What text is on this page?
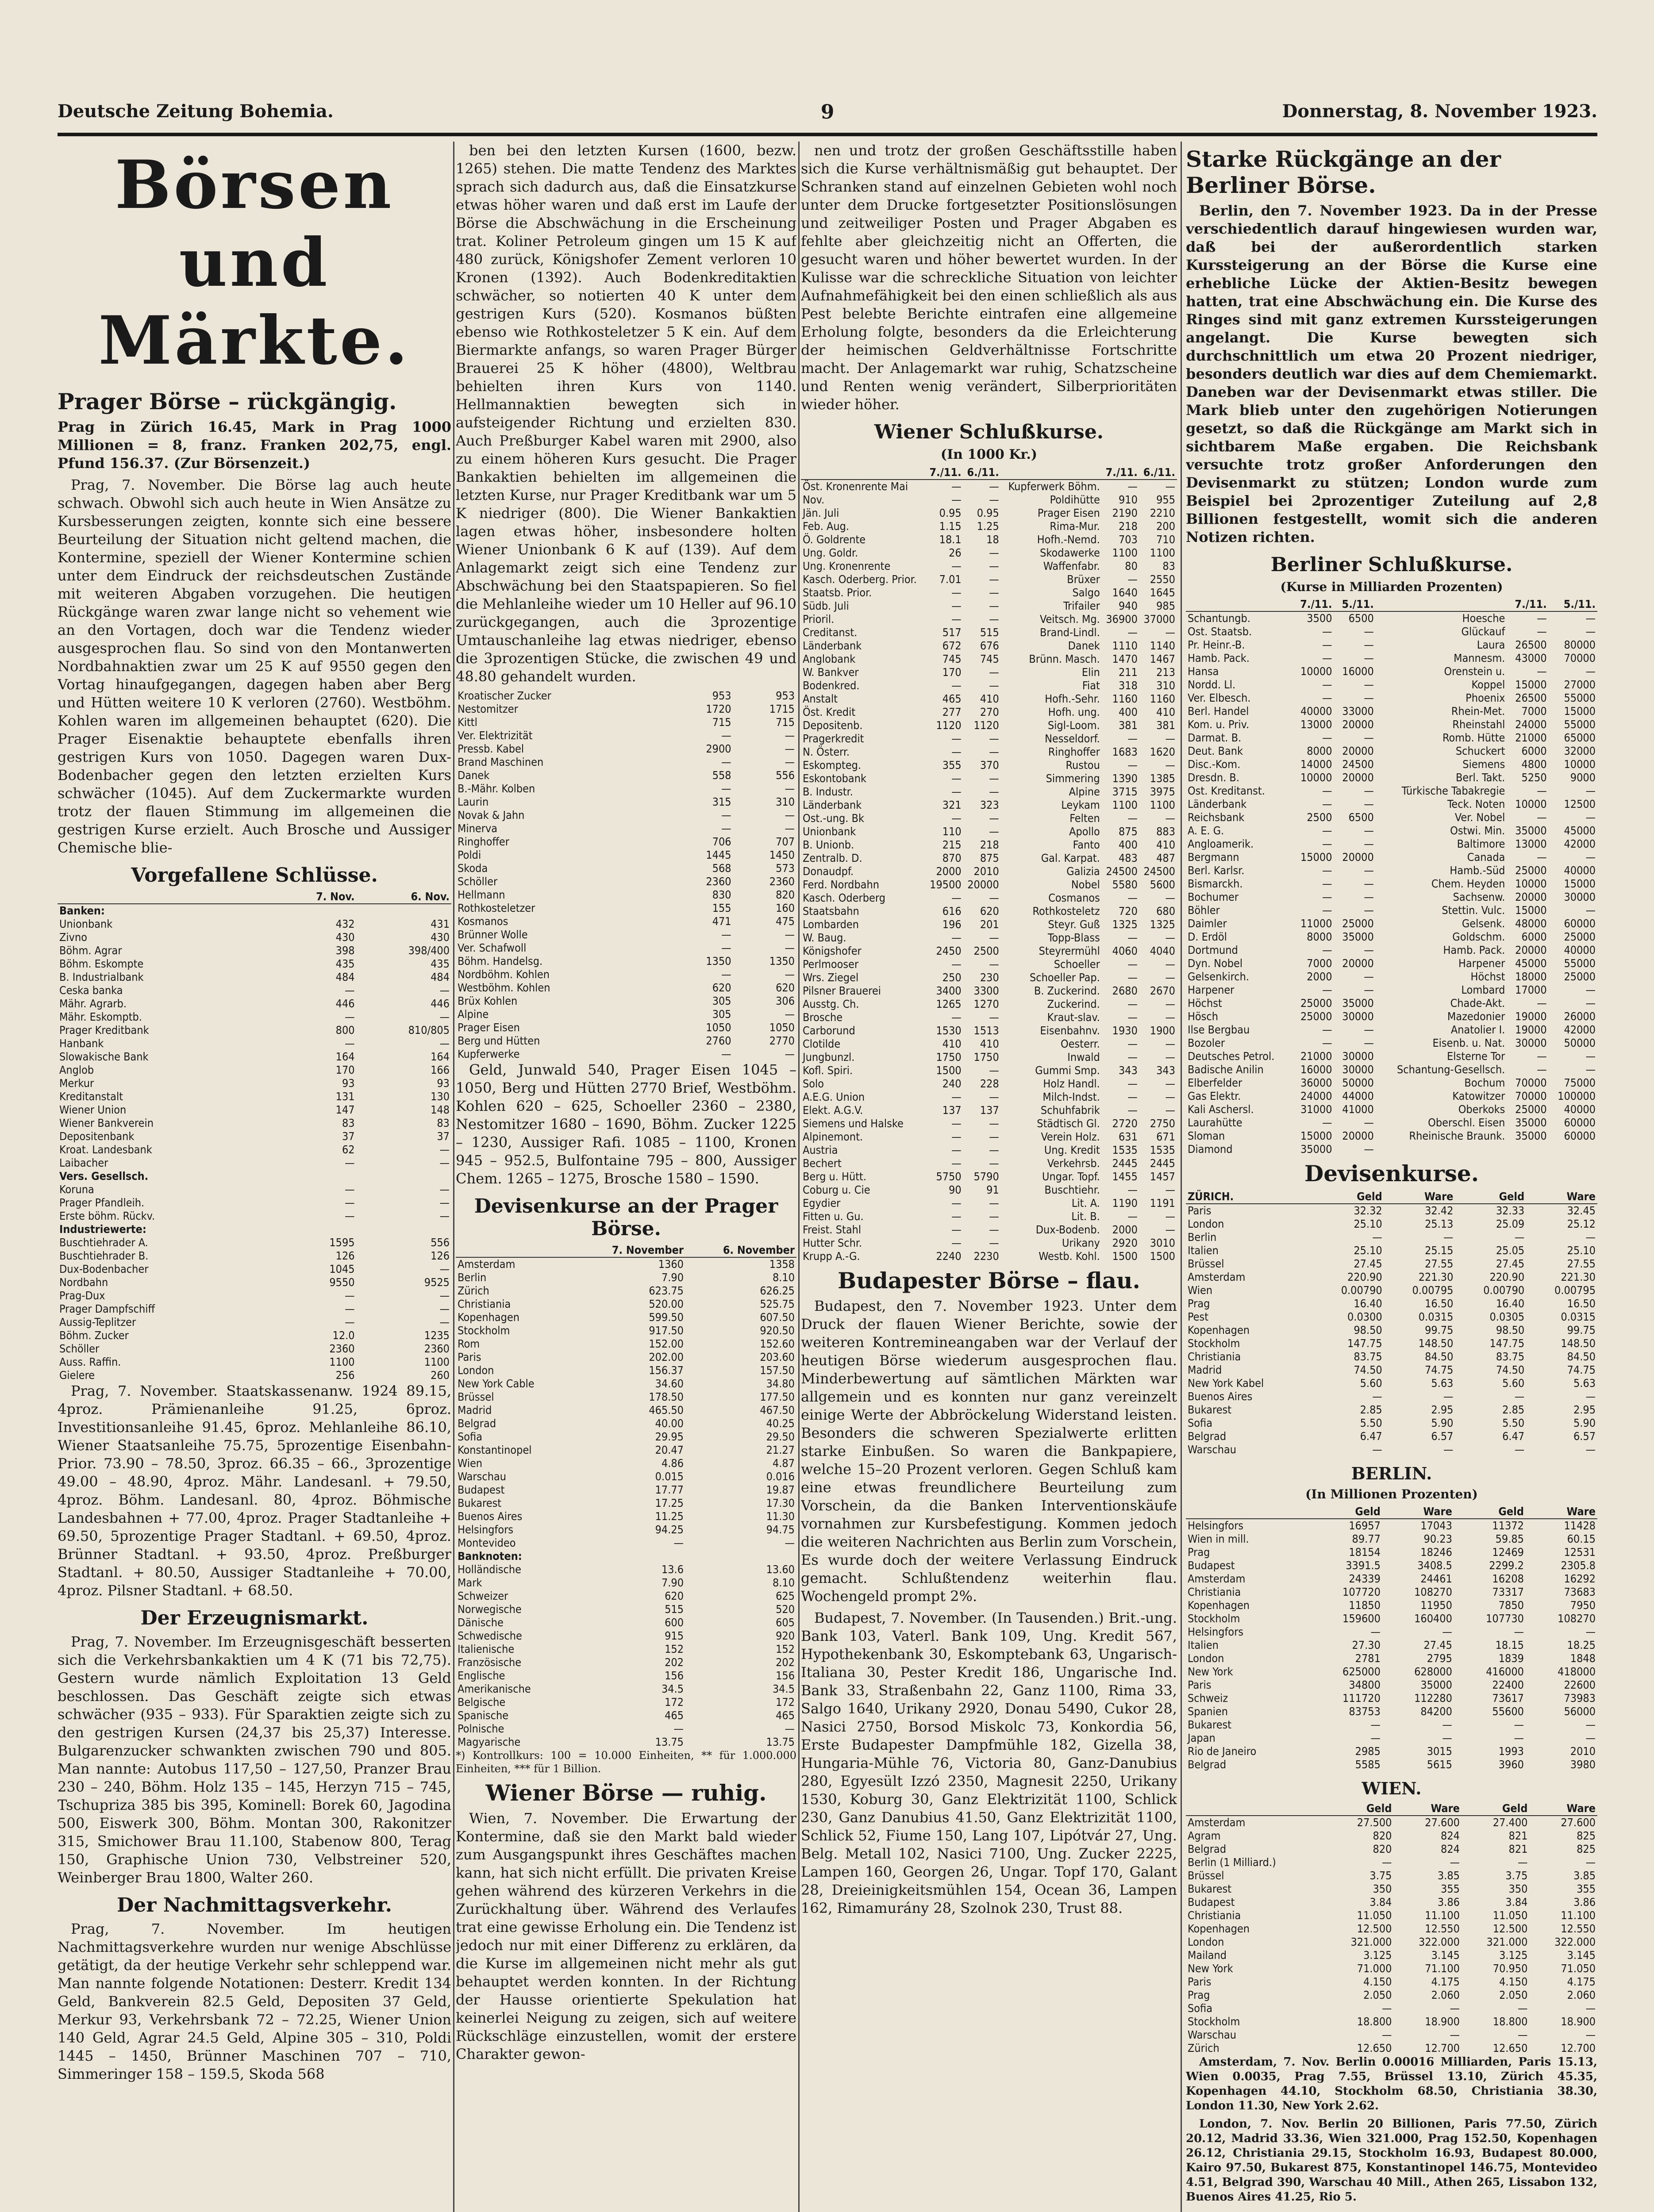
Deutsche Zeitung Bohemia.	9	Donnerstag, 8. November 1923.
Börsen und Märkte.
Prager Börse – rückgängig.

Prag in Zürich 16.45, Mark in Prag 1000 Millionen = 8, franz. Franken 202,75, engl. Pfund 156.37. (Zur Börsenzeit.)

Prag, 7. November. Die Börse lag auch heute schwach. Obwohl sich auch heute in Wien Ansätze zu Kursbesserungen zeigten, konnte sich eine bessere Beurteilung der Situation nicht geltend machen, die Kontermine, speziell der Wiener Kontermine schien unter dem Eindruck der reichsdeutschen Zustände mit weiteren Abgaben vorzugehen. Die heutigen Rückgänge waren zwar lange nicht so vehement wie an den Vortagen, doch war die Tendenz wieder ausgesprochen flau. So sind von den Montanwerten Nordbahnaktien zwar um 25 K auf 9550 gegen den Vortag hinaufgegangen, dagegen haben aber Berg und Hütten weitere 10 K verloren (2760). Westböhm. Kohlen waren im allgemeinen behauptet (620). Die Prager Eisenaktie behauptete ebenfalls ihren gestrigen Kurs von 1050. Dagegen waren Dux-Bodenbacher gegen den letzten erzielten Kurs schwächer (1045). Auf dem Zuckermarkte wurden trotz der flauen Stimmung im allgemeinen die gestrigen Kurse erzielt. Auch Brosche und Aussiger Chemische blie-

Vorgefallene Schlüsse.
	7. Nov.	6. Nov.
Banken:		
Unionbank	432	431
Zivno	430	430
Böhm. Agrar	398	398/400
Böhm. Eskompte	435	435
B. Industrialbank	484	484
Ceska banka	—	—
Mähr. Agrarb.	446	446
Mähr. Eskomptb.	—	—
Prager Kreditbank	800	810/805
Hanbank	—	—
Slowakische Bank	164	164
Anglob	170	166
Merkur	93	93
Kreditanstalt	131	130
Wiener Union	147	148
Wiener Bankverein	83	83
Depositenbank	37	37
Kroat. Landesbank	62	—
Laibacher	—	—
Vers. Gesellsch.		
Koruna	—	—
Prager Pfandleih.	—	—
Erste böhm. Rückv.	—	—
Industriewerte:		
Buschtiehrader A.	1595	556
Buschtiehrader B.	126	126
Dux-Bodenbacher	1045	—
Nordbahn	9550	9525
Prag-Dux	—	—
Prager Dampfschiff	—	—
Aussig-Teplitzer	—	—
Böhm. Zucker	12.0	1235
Schöller	2360	2360
Auss. Raffin.	1100	1100
Gielere	256	260

Prag, 7. November. Staatskassenanw. 1924 89.15, 4proz. Prämienanleihe 91.25, 6proz. Investitionsanleihe 91.45, 6proz. Mehlanleihe 86.10, Wiener Staatsanleihe 75.75, 5prozentige Eisenbahn-Prior. 73.90 – 78.50, 3proz. 66.35 – 66., 3prozentige 49.00 – 48.90, 4proz. Mähr. Landesanl. + 79.50, 4proz. Böhm. Landesanl. 80, 4proz. Böhmische Landesbahnen + 77.00, 4proz. Prager Stadtanleihe + 69.50, 5prozentige Prager Stadtanl. + 69.50, 4proz. Brünner Stadtanl. + 93.50, 4proz. Preßburger Stadtanl. + 80.50, Aussiger Stadtanleihe + 70.00, 4proz. Pilsner Stadtanl. + 68.50.

Der Erzeugnismarkt.

Prag, 7. November. Im Erzeugnisgeschäft besserten sich die Verkehrsbankaktien um 4 K (71 bis 72,75). Gestern wurde nämlich Exploitation 13 Geld beschlossen. Das Geschäft zeigte sich etwas schwächer (935 – 933). Für Sparaktien zeigte sich zu den gestrigen Kursen (24,37 bis 25,37) Interesse. Bulgarenzucker schwankten zwischen 790 und 805. Man nannte: Autobus 117,50 – 127,50, Pranzer Brau 230 – 240, Böhm. Holz 135 – 145, Herzyn 715 – 745, Tschupriza 385 bis 395, Kominell: Borek 60, Jagodina 500, Eiswerk 300, Böhm. Montan 300, Rakonitzer 315, Smichower Brau 11.100, Stabenow 800, Terag 150, Graphische Union 730, Velbstreiner 520, Weinberger Brau 1800, Walter 260.

Der Nachmittagsverkehr.

Prag, 7. November. Im heutigen Nachmittagsverkehre wurden nur wenige Abschlüsse getätigt, da der heutige Verkehr sehr schleppend war. Man nannte folgende Notationen: Desterr. Kredit 134 Geld, Bankverein 82.5 Geld, Depositen 37 Geld, Merkur 93, Verkehrsbank 72 – 72.25, Wiener Union 140 Geld, Agrar 24.5 Geld, Alpine 305 – 310, Poldi 1445 – 1450, Brünner Maschinen 707 – 710, Simmeringer 158 – 159.5, Skoda 568

ben bei den letzten Kursen (1600, bezw. 1265) stehen. Die matte Tendenz des Marktes sprach sich dadurch aus, daß die Einsatzkurse etwas höher waren und daß erst im Laufe der Börse die Abschwächung in die Erscheinung trat. Koliner Petroleum gingen um 15 K auf 480 zurück, Königshofer Zement verloren 10 Kronen (1392). Auch Bodenkreditaktien schwächer, so notierten 40 K unter dem gestrigen Kurs (520). Kosmanos büßten ebenso wie Rothkosteletzer 5 K ein. Auf dem Biermarkte anfangs, so waren Prager Bürger Brauerei 25 K höher (4800), Weltbrau behielten ihren Kurs von 1140. Hellmannaktien bewegten sich in aufsteigender Richtung und erzielten 830. Auch Preßburger Kabel waren mit 2900, also zu einem höheren Kurs gesucht. Die Prager Bankaktien behielten im allgemeinen die letzten Kurse, nur Prager Kreditbank war um 5 K niedriger (800). Die Wiener Bankaktien lagen etwas höher, insbesondere holten Wiener Unionbank 6 K auf (139). Auf dem Anlagemarkt zeigt sich eine Tendenz zur Abschwächung bei den Staatspapieren. So fiel die Mehlanleihe wieder um 10 Heller auf 96.10 zurückgegangen, auch die 3prozentige Umtauschanleihe lag etwas niedriger, ebenso die 3prozentigen Stücke, die zwischen 49 und 48.80 gehandelt wurden.

Kroatischer Zucker	953	953
Nestomitzer	1720	1715
Kittl	715	715
Ver. Elektrizität	—	—
Pressb. Kabel	2900	—
Brand Maschinen	—	—
Danek	558	556
B.-Mähr. Kolben	—	—
Laurin	315	310
Novak & Jahn	—	—
Minerva	—	—
Ringhoffer	706	707
Poldi	1445	1450
Skoda	568	573
Schöller	2360	2360
Hellmann	830	820
Rothkosteletzer	155	160
Kosmanos	471	475
Brünner Wolle	—	—
Ver. Schafwoll	—	—
Böhm. Handelsg.	1350	1350
Nordböhm. Kohlen	—	—
Westböhm. Kohlen	620	620
Brüx Kohlen	305	306
Alpine	305	—
Prager Eisen	1050	1050
Berg und Hütten	2760	2770
Kupferwerke	—	—

Geld, Junwald 540, Prager Eisen 1045 – 1050, Berg und Hütten 2770 Brief, Westböhm. Kohlen 620 – 625, Schoeller 2360 – 2380, Nestomitzer 1680 – 1690, Böhm. Zucker 1225 – 1230, Aussiger Rafi. 1085 – 1100, Kronen 945 – 952.5, Bulfontaine 795 – 800, Aussiger Chem. 1265 – 1275, Brosche 1580 – 1590.

Devisenkurse an der Prager Börse.
	7. November	6. November
Amsterdam	1360	1358
Berlin	7.90	8.10
Zürich	623.75	626.25
Christiania	520.00	525.75
Kopenhagen	599.50	607.50
Stockholm	917.50	920.50
Rom	152.00	152.60
Paris	202.00	203.60
London	156.37	157.50
New York Cable	34.60	34.80
Brüssel	178.50	177.50
Madrid	465.50	467.50
Belgrad	40.00	40.25
Sofia	29.95	29.50
Konstantinopel	20.47	21.27
Wien	4.86	4.87
Warschau	0.015	0.016
Budapest	17.77	19.87
Bukarest	17.25	17.30
Buenos Aires	11.25	11.30
Helsingfors	94.25	94.75
Montevideo	—	—
Banknoten:		
Holländische	13.6	13.60
Mark	7.90	8.10
Schweizer	620	625
Norwegische	515	520
Dänische	600	605
Schwedische	915	920
Italienische	152	152
Französische	202	202
Englische	156	156
Amerikanische	34.5	34.5
Belgische	172	172
Spanische	465	465
Polnische	—	—
Magyarische	13.75	13.75

*) Kontrollkurs: 100 = 10.000 Einheiten, ** für 1.000.000 Einheiten, *** für 1 Billion.

Wiener Börse — ruhig.

Wien, 7. November. Die Erwartung der Kontermine, daß sie den Markt bald wieder zum Ausgangspunkt ihres Geschäftes machen kann, hat sich nicht erfüllt. Die privaten Kreise gehen während des kürzeren Verkehrs in die Zurückhaltung über. Während des Verlaufes trat eine gewisse Erholung ein. Die Tendenz ist jedoch nur mit einer Differenz zu erklären, da die Kurse im allgemeinen nicht mehr als gut behauptet werden konnten. In der Richtung der Hausse orientierte Spekulation hat keinerlei Neigung zu zeigen, sich auf weitere Rückschläge einzustellen, womit der erstere Charakter gewon-

nen und trotz der großen Geschäftsstille haben sich die Kurse verhältnismäßig gut behauptet. Der Schranken stand auf einzelnen Gebieten wohl noch unter dem Drucke fortgesetzter Positionslösungen und zeitweiliger Posten und Prager Abgaben es fehlte aber gleichzeitig nicht an Offerten, die gesucht waren und höher bewertet wurden. In der Kulisse war die schreckliche Situation von leichter Aufnahmefähigkeit bei den einen schließlich als aus Pest belebte Berichte eintrafen eine allgemeine Erholung folgte, besonders da die Erleichterung der heimischen Geldverhältnisse Fortschritte macht. Der Anlagemarkt war ruhig, Schatzscheine und Renten wenig verändert, Silberprioritäten wieder höher.

Wiener Schlußkurse.
(In 1000 Kr.)
	7./11.	6./11.		7./11.	6./11.
Öst. Kronenrente Mai	—	—	Kupferwerk Böhm.	—	—
Nov.	—	—	Poldihütte	910	955
Jän. Juli	0.95	0.95	Prager Eisen	2190	2210
Feb. Aug.	1.15	1.25	Rima-Mur.	218	200
Ö. Goldrente	18.1	18	Hofh.-Nemd.	703	710
Ung. Goldr.	26	—	Skodawerke	1100	1100
Ung. Kronenrente	—	—	Waffenfabr.	80	83
Kasch. Oderberg. Prior.	7.01	—	Brüxer	—	2550
Staatsb. Prior.	—	—	Salgo	1640	1645
Südb. Juli	—	—	Trifailer	940	985
Prioril.	—	—	Veitsch. Mg.	36900	37000
Creditanst.	517	515	Brand-Lindl.	—	—
Länderbank	672	676	Danek	1110	1140
Anglobank	745	745	Brünn. Masch.	1470	1467
W. Bankver	170	—	Elin	211	213
Bodenkred.	—	—	Fiat	318	310
Anstalt	465	410	Hofh.-Sehr.	1160	1160
Öst. Kredit	277	270	Hofh. ung.	400	410
Depositenb.	1120	1120	Sigl-Loom.	381	381
Pragerkredit	—	—	Nesseldorf.	—	—
N. Österr.	—	—	Ringhoffer	1683	1620
Eskompteg.	355	370	Rustou	—	—
Eskontobank	—	—	Simmering	1390	1385
B. Industr.	—	—	Alpine	3715	3975
Länderbank	321	323	Leykam	1100	1100
Ost.-ung. Bk	—	—	Felten	—	—
Unionbank	110	—	Apollo	875	883
B. Unionb.	215	218	Fanto	400	410
Zentralb. D.	870	875	Gal. Karpat.	483	487
Donaudpf.	2000	2010	Galizia	24500	24500
Ferd. Nordbahn	19500	20000	Nobel	5580	5600
Kasch. Oderberg	—	—	Cosmanos	—	—
Staatsbahn	616	620	Rothkosteletz	720	680
Lombarden	196	201	Steyr. Guß	1325	1325
W. Baug.	—	—	Topp-Blass	—	—
Königshofer	2450	2500	Steyrermühl	4060	4040
Perlmooser	—	—	Schoeller	—	—
Wrs. Ziegel	250	230	Schoeller Pap.	—	—
Pilsner Brauerei	3400	3300	B. Zuckerind.	2680	2670
Ausstg. Ch.	1265	1270	Zuckerind.	—	—
Brosche	—	—	Kraut-slav.	—	—
Carborund	1530	1513	Eisenbahnv.	1930	1900
Clotilde	410	410	Oesterr.	—	—
Jungbunzl.	1750	1750	Inwald	—	—
Kofl. Spiri.	1500	—	Gummi Smp.	343	343
Solo	240	228	Holz Handl.	—	—
A.E.G. Union	—	—	Milch-Indst.	—	—
Elekt. A.G.V.	137	137	Schuhfabrik	—	—
Siemens und Halske	—	—	Städtisch Gl.	2720	2750
Alpinemont.	—	—	Verein Holz.	631	671
Austria	—	—	Ung. Kredit	1535	1535
Bechert	—	—	Verkehrsb.	2445	2445
Berg u. Hütt.	5750	5790	Ungar. Topf.	1455	1457
Coburg u. Cie	90	91	Buschtiehr.	—	—
Egydier	—	—	Lit. A.	1190	1191
Fitten u. Gu.	—	—	Lit. B.	—	—
Freist. Stahl	—	—	Dux-Bodenb.	2000	—
Hutter Schr.	—	—	Urikany	2920	3010
Krupp A.-G.	2240	2230	Westb. Kohl.	1500	1500
Budapester Börse – flau.

Budapest, den 7. November 1923. Unter dem Druck der flauen Wiener Berichte, sowie der weiteren Kontremineangaben war der Verlauf der heutigen Börse wiederum ausgesprochen flau. Minderbewertung auf sämtlichen Märkten war allgemein und es konnten nur ganz vereinzelt einige Werte der Abbröckelung Widerstand leisten. Besonders die schweren Spezialwerte erlitten starke Einbußen. So waren die Bankpapiere, welche 15–20 Prozent verloren. Gegen Schluß kam eine etwas freundlichere Beurteilung zum Vorschein, da die Banken Interventionskäufe vornahmen zur Kursbefestigung. Kommen jedoch die weiteren Nachrichten aus Berlin zum Vorschein, Es wurde doch der weitere Verlassung Eindruck gemacht. Schlußtendenz weiterhin flau. Wochengeld prompt 2%.

Budapest, 7. November. (In Tausenden.) Brit.-ung. Bank 103, Vaterl. Bank 109, Ung. Kredit 567, Hypothekenbank 30, Eskomptebank 63, Ungarisch-Italiana 30, Pester Kredit 186, Ungarische Ind. Bank 33, Straßenbahn 22, Ganz 1100, Rima 33, Salgo 1640, Urikany 2920, Donau 5490, Cukor 28, Nasici 2750, Borsod Miskolc 73, Konkordia 56, Erste Budapester Dampfmühle 182, Gizella 38, Hungaria-Mühle 76, Victoria 80, Ganz-Danubius 280, Egyesült Izzó 2350, Magnesit 2250, Urikany 1530, Koburg 30, Ganz Elektrizität 1100, Schlick 230, Ganz Danubius 41.50, Ganz Elektrizität 1100, Schlick 52, Fiume 150, Lang 107, Lipótvár 27, Ung. Belg. Metall 102, Nasici 7100, Ung. Zucker 2225, Lampen 160, Georgen 26, Ungar. Topf 170, Galant 28, Dreieinigkeitsmühlen 154, Ocean 36, Lampen 162, Rimamurány 28, Szolnok 230, Trust 88.

Starke Rückgänge an der Berliner Börse.

Berlin, den 7. November 1923. Da in der Presse verschiedentlich darauf hingewiesen wurden war, daß bei der außerordentlich starken Kurssteigerung an der Börse die Kurse eine erhebliche Lücke der Aktien-Besitz bewegen hatten, trat eine Abschwächung ein. Die Kurse des Ringes sind mit ganz extremen Kurssteigerungen angelangt. Die Kurse bewegten sich durchschnittlich um etwa 20 Prozent niedriger, besonders deutlich war dies auf dem Chemiemarkt. Daneben war der Devisenmarkt etwas stiller. Die Mark blieb unter den zugehörigen Notierungen gesetzt, so daß die Rückgänge am Markt sich in sichtbarem Maße ergaben. Die Reichsbank versuchte trotz großer Anforderungen den Devisenmarkt zu stützen; London wurde zum Beispiel bei 2prozentiger Zuteilung auf 2,8 Billionen festgestellt, womit sich die anderen Notizen richten.

Berliner Schlußkurse.
(Kurse in Milliarden Prozenten)
	7./11.	5./11.		7./11.	5./11.
Schantungb.	3500	6500	Hoesche	—	—
Ost. Staatsb.	—	—	Glückauf	—	—
Pr. Heinr.-B.	—	—	Laura	26500	80000
Hamb. Pack.	—	—	Mannesm.	43000	70000
Hansa	10000	16000	Orenstein u.	—	—
Nordd. Ll.	—	—	Koppel	15000	27000
Ver. Elbesch.	—	—	Phoenix	26500	55000
Berl. Handel	40000	33000	Rhein-Met.	7000	15000
Kom. u. Priv.	13000	20000	Rheinstahl	24000	55000
Darmat. B.	—	—	Romb. Hütte	21000	65000
Deut. Bank	8000	20000	Schuckert	6000	32000
Disc.-Kom.	14000	24500	Siemens	4800	10000
Dresdn. B.	10000	20000	Berl. Takt.	5250	9000
Ost. Kreditanst.	—	—	Türkische Tabakregie	—	—
Länderbank	—	—	Teck. Noten	10000	12500
Reichsbank	2500	6500	Ver. Nobel	—	—
A. E. G.	—	—	Ostwi. Min.	35000	45000
Angloamerik.	—	—	Baltimore	13000	42000
Bergmann	15000	20000	Canada	—	—
Berl. Karlsr.	—	—	Hamb.-Süd	25000	40000
Bismarckh.	—	—	Chem. Heyden	10000	15000
Bochumer	—	—	Sachsenw.	20000	30000
Böhler	—	—	Stettin. Vulc.	15000	—
Daimler	11000	25000	Gelsenk.	48000	60000
D. Erdöl	8000	35000	Goldschm.	6000	25000
Dortmund	—	—	Hamb. Pack.	20000	40000
Dyn. Nobel	7000	20000	Harpener	45000	55000
Gelsenkirch.	2000	—	Höchst	18000	25000
Harpener	—	—	Lombard	17000	—
Höchst	25000	35000	Chade-Akt.	—	—
Hösch	25000	30000	Mazedonier	19000	26000
Ilse Bergbau	—	—	Anatolier I.	19000	42000
Bozoler	—	—	Eisenb. u. Nat.	30000	50000
Deutsches Petrol.	21000	30000	Elsterne Tor	—	—
Badische Anilin	16000	30000	Schantung-Gesellsch.	—	—
Elberfelder	36000	50000	Bochum	70000	75000
Gas Elektr.	24000	44000	Katowitzer	70000	100000
Kali Aschersl.	31000	41000	Oberkoks	25000	40000
Laurahütte	—	—	Oberschl. Eisen	35000	60000
Sloman	15000	20000	Rheinische Braunk.	35000	60000
Diamond	35000	—			
Devisenkurse.
ZÜRICH.	Geld	Ware	Geld	Ware
Paris	32.32	32.42	32.33	32.45
London	25.10	25.13	25.09	25.12
Berlin	—	—	—	—
Italien	25.10	25.15	25.05	25.10
Brüssel	27.45	27.55	27.45	27.55
Amsterdam	220.90	221.30	220.90	221.30
Wien	0.00790	0.00795	0.00790	0.00795
Prag	16.40	16.50	16.40	16.50
Pest	0.0300	0.0315	0.0305	0.0315
Kopenhagen	98.50	99.75	98.50	99.75
Stockholm	147.75	148.50	147.75	148.50
Christiania	83.75	84.50	83.75	84.50
Madrid	74.50	74.75	74.50	74.75
New York Kabel	5.60	5.63	5.60	5.63
Buenos Aires	—	—	—	—
Bukarest	2.85	2.95	2.85	2.95
Sofia	5.50	5.90	5.50	5.90
Belgrad	6.47	6.57	6.47	6.57
Warschau	—	—	—	—
BERLIN.
(In Millionen Prozenten)
	Geld	Ware	Geld	Ware
Helsingfors	16957	17043	11372	11428
Wien in mill.	89.77	90.23	59.85	60.15
Prag	18154	18246	12469	12531
Budapest	3391.5	3408.5	2299.2	2305.8
Amsterdam	24339	24461	16208	16292
Christiania	107720	108270	73317	73683
Kopenhagen	11850	11950	7850	7950
Stockholm	159600	160400	107730	108270
Helsingfors	—	—	—	—
Italien	27.30	27.45	18.15	18.25
London	2781	2795	1839	1848
New York	625000	628000	416000	418000
Paris	34800	35000	22400	22600
Schweiz	111720	112280	73617	73983
Spanien	83753	84200	55600	56000
Bukarest	—	—	—	—
Japan	—	—	—	—
Rio de Janeiro	2985	3015	1993	2010
Belgrad	5585	5615	3960	3980
WIEN.
	Geld	Ware	Geld	Ware
Amsterdam	27.500	27.600	27.400	27.600
Agram	820	824	821	825
Belgrad	820	824	821	825
Berlin (1 Milliard.)	—	—	—	—
Brüssel	3.75	3.85	3.75	3.85
Bukarest	350	355	350	355
Budapest	3.84	3.86	3.84	3.86
Christiania	11.050	11.100	11.050	11.100
Kopenhagen	12.500	12.550	12.500	12.550
London	321.000	322.000	321.000	322.000
Mailand	3.125	3.145	3.125	3.145
New York	71.000	71.100	70.950	71.050
Paris	4.150	4.175	4.150	4.175
Prag	2.050	2.060	2.050	2.060
Sofia	—	—	—	—
Stockholm	18.800	18.900	18.800	18.900
Warschau	—	—	—	—
Zürich	12.650	12.700	12.650	12.700

Amsterdam, 7. Nov. Berlin 0.00016 Milliarden, Paris 15.13, Wien 0.0035, Prag 7.55, Brüssel 13.10, Zürich 45.35, Kopenhagen 44.10, Stockholm 68.50, Christiania 38.30, London 11.30, New York 2.62.

London, 7. Nov. Berlin 20 Billionen, Paris 77.50, Zürich 20.12, Madrid 33.36, Wien 321.000, Prag 152.50, Kopenhagen 26.12, Christiania 29.15, Stockholm 16.93, Budapest 80.000, Kairo 97.50, Bukarest 875, Konstantinopel 146.75, Montevideo 4.51, Belgrad 390, Warschau 40 Mill., Athen 265, Lissabon 132, Buenos Aires 41.25, Rio 5.
